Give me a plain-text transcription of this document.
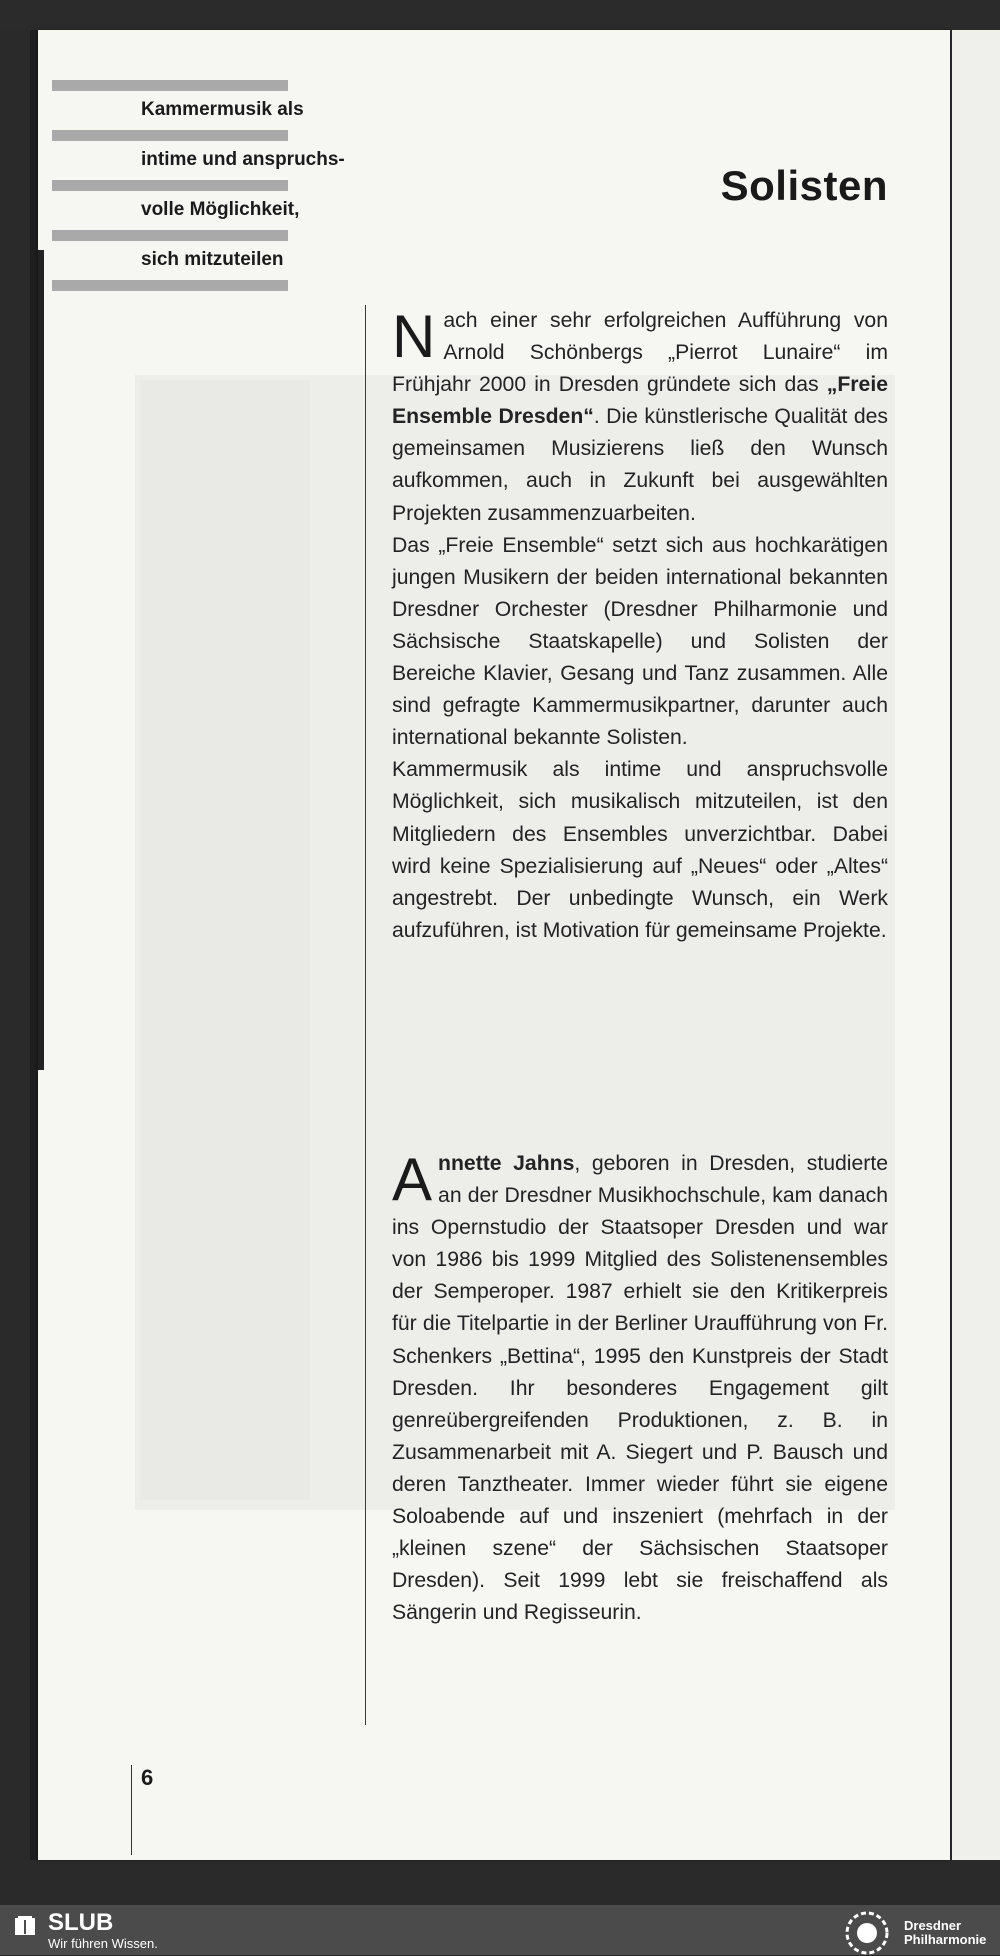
Kammermusik als
intime und anspruchs-
volle Möglichkeit,
sich mitzuteilen
Solisten

Nach einer sehr erfolgreichen Aufführung von Arnold Schönbergs „Pierrot Lunaire“ im Frühjahr 2000 in Dresden gründete sich das „Freie Ensemble Dresden“. Die künstlerische Qualität des gemeinsamen Musizierens ließ den Wunsch aufkommen, auch in Zukunft bei ausgewählten Projekten zusammenzuarbeiten.

Das „Freie Ensemble“ setzt sich aus hochkarätigen jungen Musikern der beiden international bekannten Dresdner Orchester (Dresdner Philharmonie und Sächsische Staatskapelle) und Solisten der Bereiche Klavier, Gesang und Tanz zusammen. Alle sind gefragte Kammermusikpartner, darunter auch international bekannte Solisten.

Kammermusik als intime und anspruchsvolle Möglichkeit, sich musikalisch mitzuteilen, ist den Mitgliedern des Ensembles unverzichtbar. Dabei wird keine Spezialisierung auf „Neues“ oder „Altes“ angestrebt. Der unbedingte Wunsch, ein Werk aufzuführen, ist Motivation für gemeinsame Projekte.

Annette Jahns, geboren in Dresden, studierte an der Dresdner Musikhochschule, kam danach ins Opernstudio der Staatsoper Dresden und war von 1986 bis 1999 Mitglied des Solistenensembles der Semperoper. 1987 erhielt sie den Kritikerpreis für die Titelpartie in der Berliner Uraufführung von Fr. Schenkers „Bettina“, 1995 den Kunstpreis der Stadt Dresden. Ihr besonderes Engagement gilt genreübergreifenden Produktionen, z. B. in Zusammenarbeit mit A. Siegert und P. Bausch und deren Tanztheater. Immer wieder führt sie eigene Soloabende auf und inszeniert (mehrfach in der „kleinen szene“ der Sächsischen Staatsoper Dresden). Seit 1999 lebt sie freischaffend als Sängerin und Regisseurin.

6
SLUB
Wir führen Wissen.
Dresdner
Philharmonie
